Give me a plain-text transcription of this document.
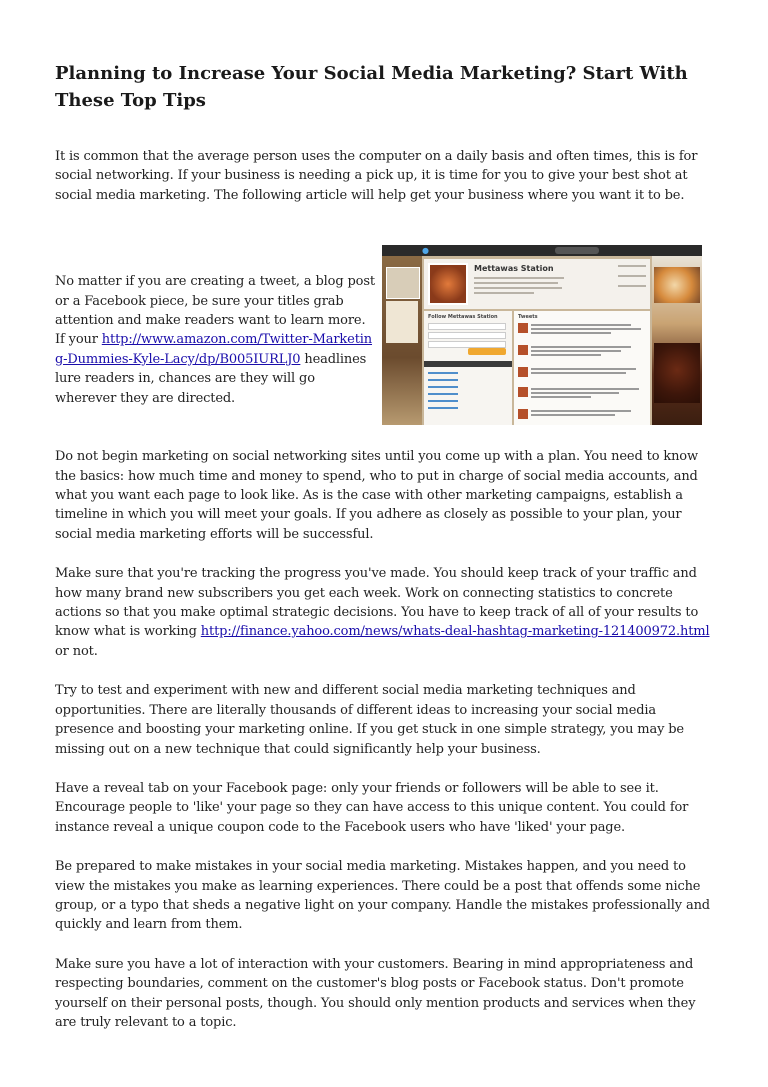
Planning to Increase Your Social Media Marketing? Start With These Top Tips

It is common that the average person uses the computer on a daily basis and often times, this is for social networking. If your business is needing a pick up, it is time for you to give your best shot at social media marketing. The following article will help get your business where you want it to be.

No matter if you are creating a tweet, a blog post or a Facebook piece, be sure your titles grab attention and make readers want to learn more. If your http://www.amazon.com/Twitter-Marketing-Dummies-Kyle-Lacy/dp/B005IURLJ0 headlines lure readers in, chances are they will go wherever they are directed.

●
Mettawas Station
Follow Mettawas Station	Tweets

Do not begin marketing on social networking sites until you come up with a plan. You need to know the basics: how much time and money to spend, who to put in charge of social media accounts, and what you want each page to look like. As is the case with other marketing campaigns, establish a timeline in which you will meet your goals. If you adhere as closely as possible to your plan, your social media marketing efforts will be successful.

Make sure that you're tracking the progress you've made. You should keep track of your traffic and how many brand new subscribers you get each week. Work on connecting statistics to concrete actions so that you make optimal strategic decisions. You have to keep track of all of your results to know what is working http://finance.yahoo.com/news/whats-deal-hashtag-marketing-121400972.html or not.

Try to test and experiment with new and different social media marketing techniques and opportunities. There are literally thousands of different ideas to increasing your social media presence and boosting your marketing online. If you get stuck in one simple strategy, you may be missing out on a new technique that could significantly help your business.

Have a reveal tab on your Facebook page: only your friends or followers will be able to see it. Encourage people to 'like' your page so they can have access to this unique content. You could for instance reveal a unique coupon code to the Facebook users who have 'liked' your page.

Be prepared to make mistakes in your social media marketing. Mistakes happen, and you need to view the mistakes you make as learning experiences. There could be a post that offends some niche group, or a typo that sheds a negative light on your company. Handle the mistakes professionally and quickly and learn from them.

Make sure you have a lot of interaction with your customers. Bearing in mind appropriateness and respecting boundaries, comment on the customer's blog posts or Facebook status. Don't promote yourself on their personal posts, though. You should only mention products and services when they are truly relevant to a topic.
